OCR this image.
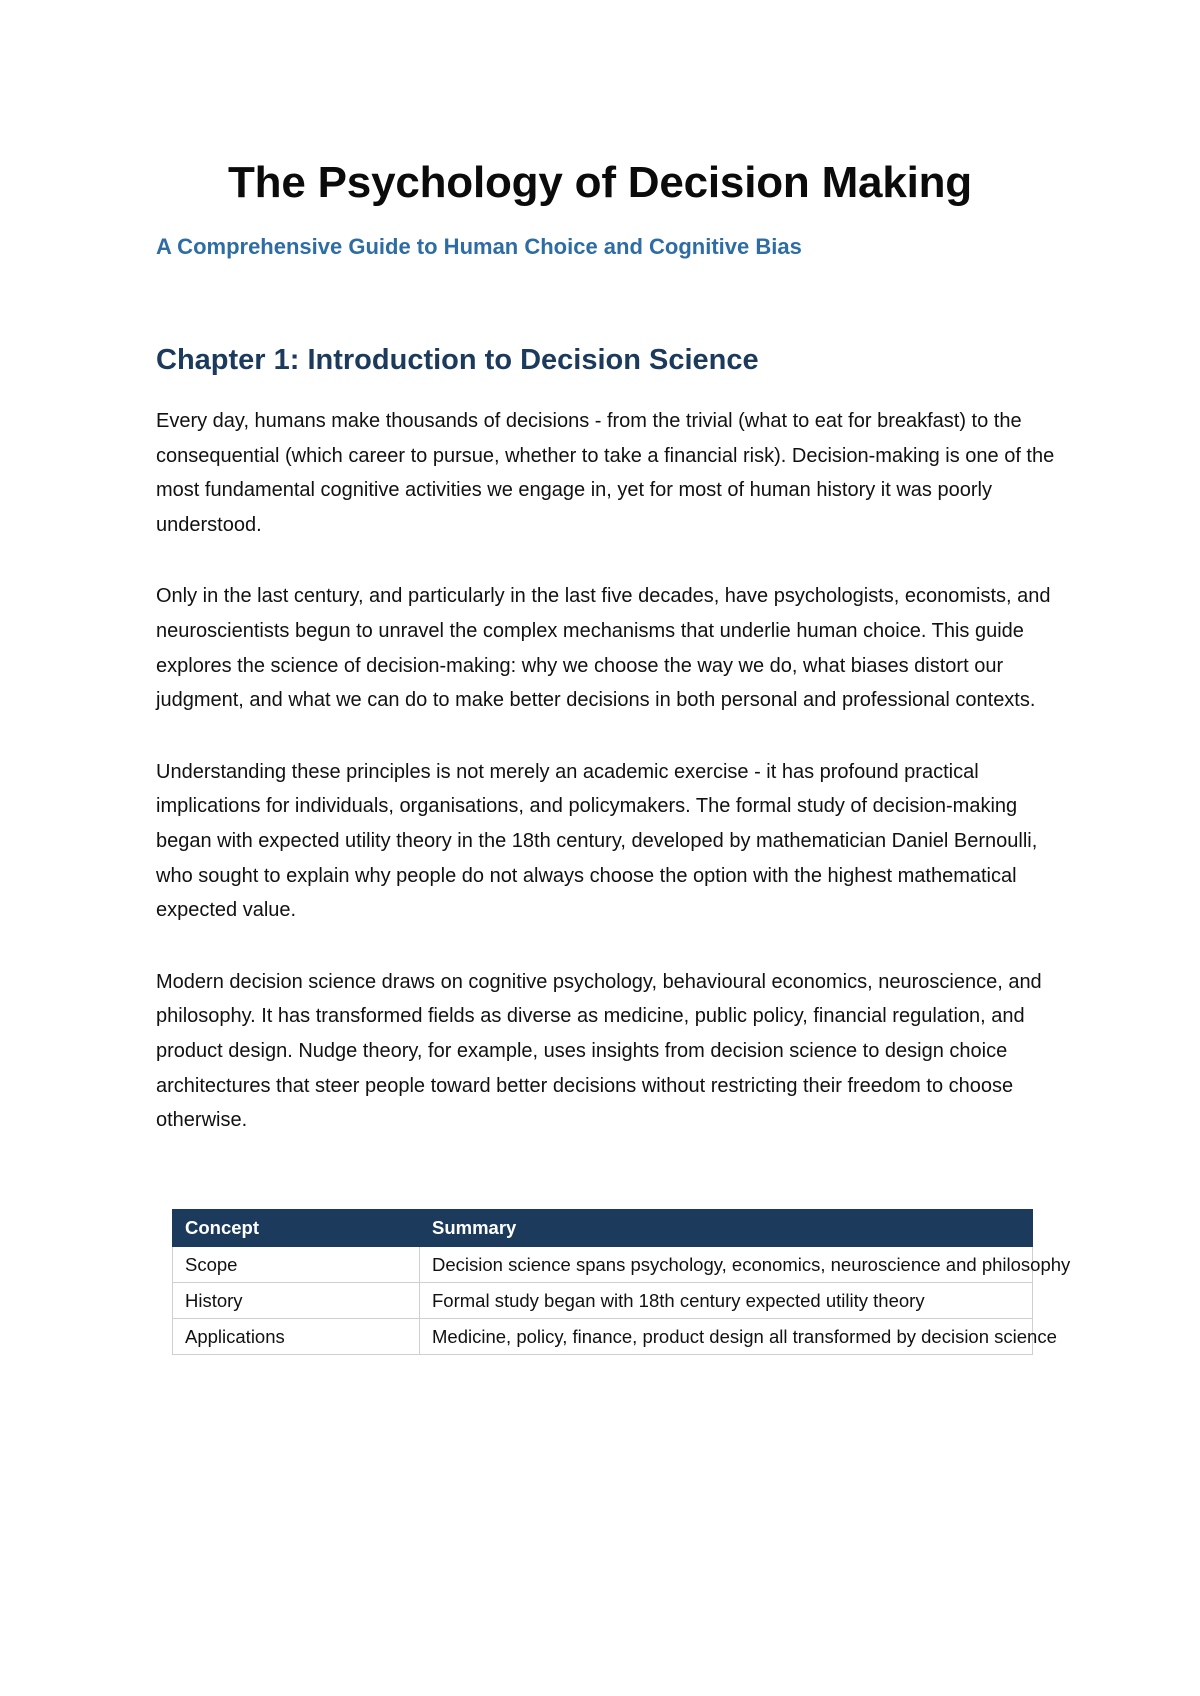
The Psychology of Decision Making
A Comprehensive Guide to Human Choice and Cognitive Bias
Chapter 1: Introduction to Decision Science

Every day, humans make thousands of decisions - from the trivial (what to eat for breakfast) to the consequential (which career to pursue, whether to take a financial risk). Decision-making is one of the most fundamental cognitive activities we engage in, yet for most of human history it was poorly understood.

Only in the last century, and particularly in the last five decades, have psychologists, economists, and neuroscientists begun to unravel the complex mechanisms that underlie human choice. This guide explores the science of decision-making: why we choose the way we do, what biases distort our judgment, and what we can do to make better decisions in both personal and professional contexts.

Understanding these principles is not merely an academic exercise - it has profound practical implications for individuals, organisations, and policymakers. The formal study of decision-making began with expected utility theory in the 18th century, developed by mathematician Daniel Bernoulli, who sought to explain why people do not always choose the option with the highest mathematical expected value.

Modern decision science draws on cognitive psychology, behavioural economics, neuroscience, and philosophy. It has transformed fields as diverse as medicine, public policy, financial regulation, and product design. Nudge theory, for example, uses insights from decision science to design choice architectures that steer people toward better decisions without restricting their freedom to choose otherwise.

Concept	Summary
Scope	Decision science spans psychology, economics, neuroscience and philosophy
History	Formal study began with 18th century expected utility theory
Applications	Medicine, policy, finance, product design all transformed by decision science
